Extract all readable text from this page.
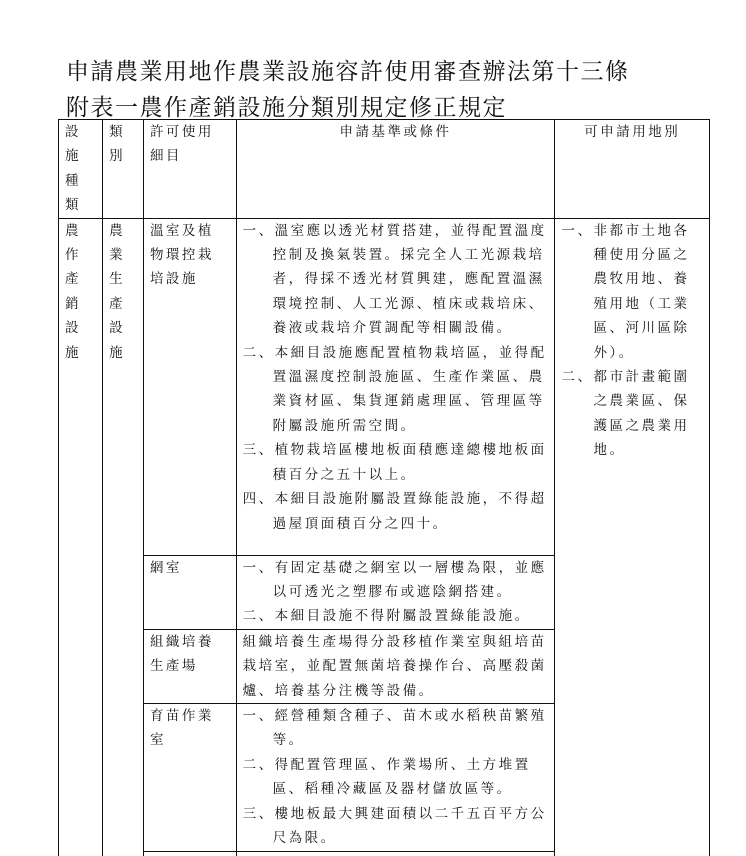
申請農業用地作農業設施容許使用審查辦法第十三條
附表一農作產銷設施分類別規定修正規定
設施種類	類別	許可使用細目	申請基準或條件	可申請用地別
農作產銷設施	農業生產設施	溫室及植物環控栽培設施	一、溫室應以透光材質搭建，並得配置溫度控制及換氣裝置。採完全人工光源栽培者，得採不透光材質興建，應配置溫濕環境控制、人工光源、植床或栽培床、養液或栽培介質調配等相關設備。
二、本細目設施應配置植物栽培區，並得配置溫濕度控制設施區、生產作業區、農業資材區、集貨運銷處理區、管理區等附屬設施所需空間。
三、植物栽培區樓地板面積應達總樓地板面積百分之五十以上。
四、本細目設施附屬設置綠能設施，不得超過屋頂面積百分之四十。	一、非都市土地各種使用分區之農牧用地、養殖用地（工業區、河川區除外）。
二、都市計畫範圍之農業區、保護區之農業用地。

		網室	一、有固定基礎之網室以一層樓為限，並應以可透光之塑膠布或遮陰網搭建。
二、本細目設施不得附屬設置綠能設施。	

		組織培養生產場	組織培養生產場得分設移植作業室與組培苗栽培室，並配置無菌培養操作台、高壓殺菌爐、培養基分注機等設備。	

		育苗作業室	一、經營種類含種子、苗木或水稻秧苗繁殖等。
二、得配置管理區、作業場所、土方堆置區、稻種冷藏區及器材儲放區等。
三、樓地板最大興建面積以二千五百平方公尺為限。	
